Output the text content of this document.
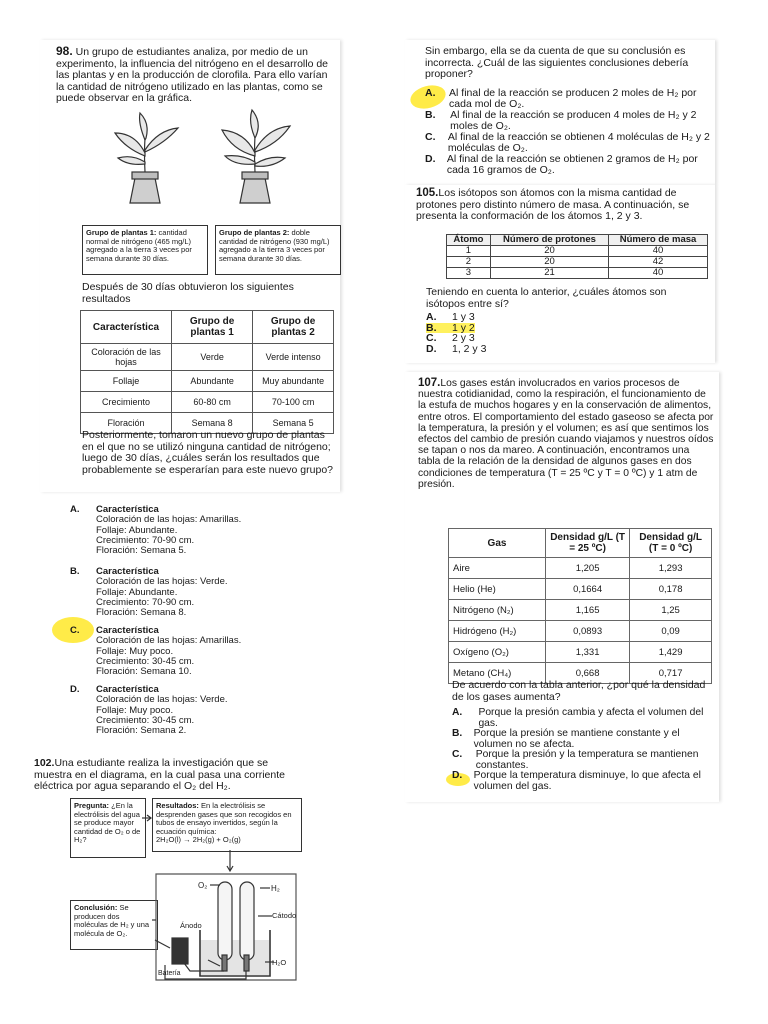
98. Un grupo de estudiantes analiza, por medio de un experimento, la influencia del nitrógeno en el desarrollo de las plantas y en la producción de clorofila. Para ello varían la cantidad de nitrógeno utilizado en las plantas, como se puede observar en la gráfica.
Grupo de plantas 1: cantidad normal de nitrógeno (465 mg/L) agregado a la tierra 3 veces por semana durante 30 días.
Grupo de plantas 2: doble cantidad de nitrógeno (930 mg/L) agregado a la tierra 3 veces por semana durante 30 días.
Después de 30 días obtuvieron los siguientes resultados
Característica	Grupo de plantas 1	Grupo de plantas 2
Coloración de las hojas	Verde	Verde intenso
Follaje	Abundante	Muy abundante
Crecimiento	60-80 cm	70-100 cm
Floración	Semana 8	Semana 5
Posteriormente, tomaron un nuevo grupo de plantas en el que no se utilizó ninguna cantidad de nitrógeno; luego de 30 días, ¿cuáles serán los resultados que probablemente se esperarían para este nuevo grupo?
A.	Característica
Coloración de las hojas: Amarillas.
Follaje: Abundante.
Crecimiento: 70-90 cm.
Floración: Semana 5.
B.	Característica
Coloración de las hojas: Verde.
Follaje: Abundante.
Crecimiento: 70-90 cm.
Floración: Semana 8.
C.	Característica
Coloración de las hojas: Amarillas.
Follaje: Muy poco.
Crecimiento: 30-45 cm.
Floración: Semana 10.
D.	Característica
Coloración de las hojas: Verde.
Follaje: Muy poco.
Crecimiento: 30-45 cm.
Floración: Semana 2.
102.Una estudiante realiza la investigación que se muestra en el diagrama, en la cual pasa una corriente eléctrica por agua separando el O₂ del H₂.
Pregunta: ¿En la electrólisis del agua se produce mayor cantidad de O₂ o de H₂?
Resultados: En la electrólisis se desprenden gases que son recogidos en tubos de ensayo invertidos, según la ecuación química:
2H₂O(l) → 2H₂(g) + O₂(g)
Conclusión: Se producen dos moléculas de H₂ y una molécula de O₂.
O₂	H₂
Ánodo
Cátodo
H₂O
Batería
Sin embargo, ella se da cuenta de que su conclusión es incorrecta. ¿Cuál de las siguientes conclusiones debería proponer?
A.	Al final de la reacción se producen 2 moles de H₂ por cada mol de O₂.
B.	Al final de la reacción se producen 4 moles de H₂ y 2 moles de O₂.
C.	Al final de la reacción se obtienen 4 moléculas de H₂ y 2 moléculas de O₂.
D.	Al final de la reacción se obtienen 2 gramos de H₂ por cada 16 gramos de O₂.
105.Los isótopos son átomos con la misma cantidad de protones pero distinto número de masa. A continuación, se presenta la conformación de los átomos 1, 2 y 3.
Átomo	Número de protones	Número de masa
1	20	40
2	20	42
3	21	40
Teniendo en cuenta lo anterior, ¿cuáles átomos son isótopos entre sí?
A.	1 y 3
B.	1 y 2
C.	2 y 3
D.	1, 2 y 3
107.Los gases están involucrados en varios procesos de nuestra cotidianidad, como la respiración, el funcionamiento de la estufa de muchos hogares y en la conservación de alimentos, entre otros. El comportamiento del estado gaseoso se afecta por la temperatura, la presión y el volumen; es así que sentimos los efectos del cambio de presión cuando viajamos y nuestros oídos se tapan o nos da mareo. A continuación, encontramos una tabla de la relación de la densidad de algunos gases en dos condiciones de temperatura (T = 25 ºC y T = 0 ºC) y 1 atm de presión.
Gas	Densidad g/L (T = 25 ºC)	Densidad g/L (T = 0 ºC)
Aire	1,205	1,293
Helio (He)	0,1664	0,178
Nitrógeno (N₂)	1,165	1,25
Hidrógeno (H₂)	0,0893	0,09
Oxígeno (O₂)	1,331	1,429
Metano (CH₄)	0,668	0,717
De acuerdo con la tabla anterior, ¿por qué la densidad de los gases aumenta?
A.	Porque la presión cambia y afecta el volumen del gas.
B.	Porque la presión se mantiene constante y el volumen no se afecta.
C.	Porque la presión y la temperatura se mantienen constantes.
D.	Porque la temperatura disminuye, lo que afecta el volumen del gas.
